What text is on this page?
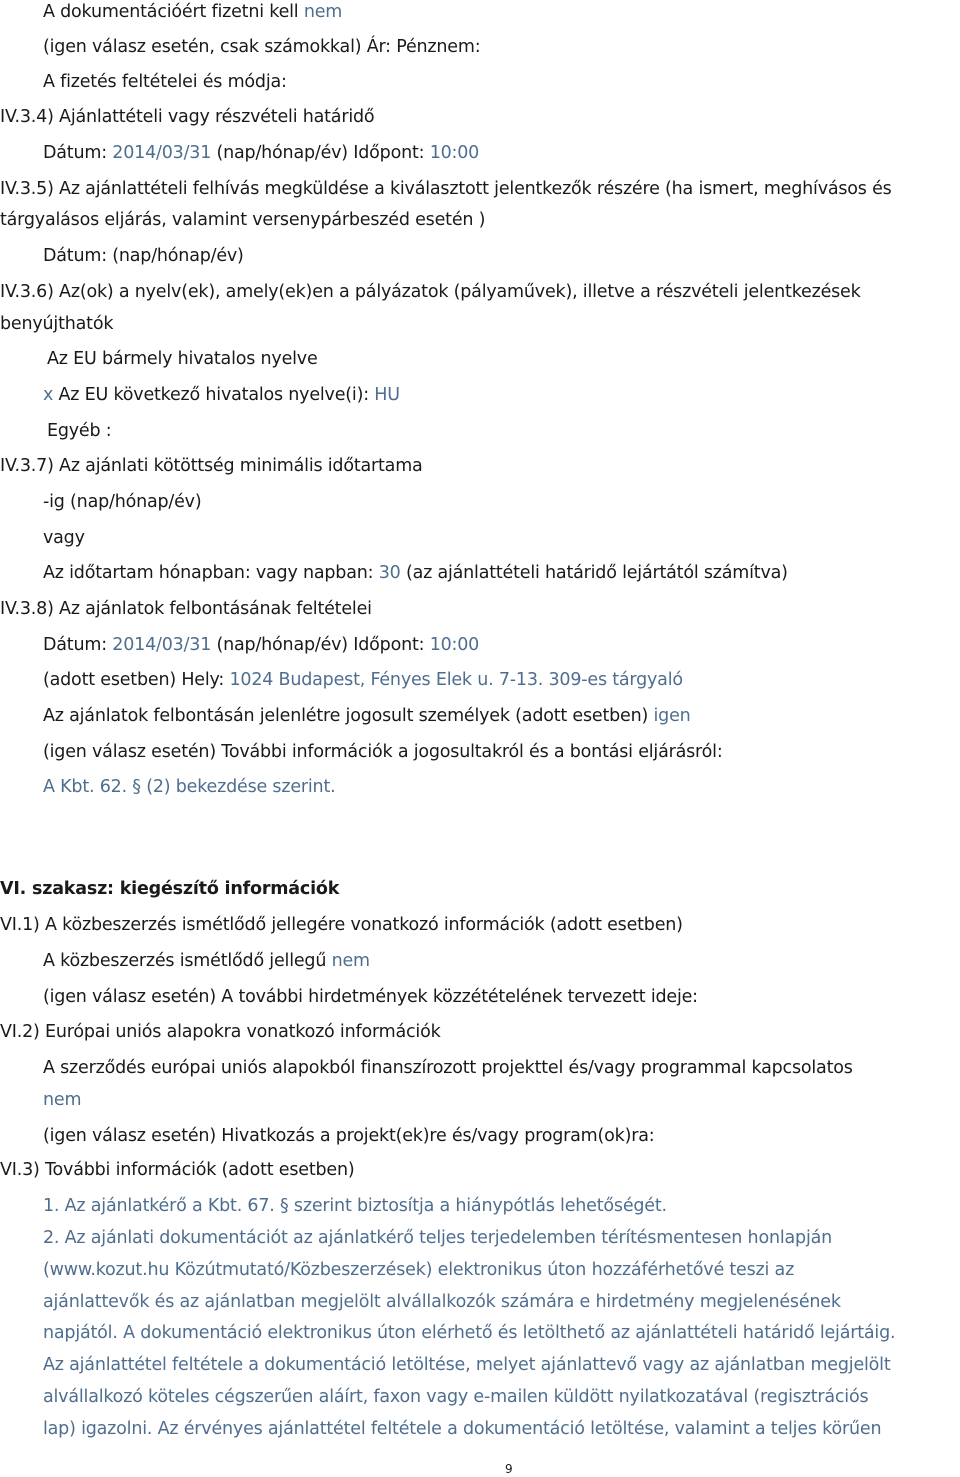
A dokumentációért fizetni kell nem
(igen válasz esetén, csak számokkal) Ár: Pénznem:
A fizetés feltételei és módja:
IV.3.4) Ajánlattételi vagy részvételi határidő
Dátum: 2014/03/31 (nap/hónap/év) Időpont: 10:00
IV.3.5) Az ajánlattételi felhívás megküldése a kiválasztott jelentkezők részére (ha ismert, meghívásos és
tárgyalásos eljárás, valamint versenypárbeszéd esetén )
Dátum: (nap/hónap/év)
IV.3.6) Az(ok) a nyelv(ek), amely(ek)en a pályázatok (pályaművek), illetve a részvételi jelentkezések
benyújthatók
Az EU bármely hivatalos nyelve
x Az EU következő hivatalos nyelve(i): HU
Egyéb :
IV.3.7) Az ajánlati kötöttség minimális időtartama
-ig (nap/hónap/év)
vagy
Az időtartam hónapban: vagy napban: 30 (az ajánlattételi határidő lejártától számítva)
IV.3.8) Az ajánlatok felbontásának feltételei
Dátum: 2014/03/31 (nap/hónap/év) Időpont: 10:00
(adott esetben) Hely: 1024 Budapest, Fényes Elek u. 7-13. 309-es tárgyaló
Az ajánlatok felbontásán jelenlétre jogosult személyek (adott esetben) igen
(igen válasz esetén) További információk a jogosultakról és a bontási eljárásról:
A Kbt. 62. § (2) bekezdése szerint.
VI. szakasz: kiegészítő információk
VI.1) A közbeszerzés ismétlődő jellegére vonatkozó információk (adott esetben)
A közbeszerzés ismétlődő jellegű nem
(igen válasz esetén) A további hirdetmények közzétételének tervezett ideje:
VI.2) Európai uniós alapokra vonatkozó információk
A szerződés európai uniós alapokból finanszírozott projekttel és/vagy programmal kapcsolatos
nem
(igen válasz esetén) Hivatkozás a projekt(ek)re és/vagy program(ok)ra:
VI.3) További információk (adott esetben)
1. Az ajánlatkérő a Kbt. 67. § szerint biztosítja a hiánypótlás lehetőségét.
2. Az ajánlati dokumentációt az ajánlatkérő teljes terjedelemben térítésmentesen honlapján
(www.kozut.hu Közútmutató/Közbeszerzések) elektronikus úton hozzáférhetővé teszi az
ajánlattevők és az ajánlatban megjelölt alvállalkozók számára e hirdetmény megjelenésének
napjától. A dokumentáció elektronikus úton elérhető és letölthető az ajánlattételi határidő lejártáig.
Az ajánlattétel feltétele a dokumentáció letöltése, melyet ajánlattevő vagy az ajánlatban megjelölt
alvállalkozó köteles cégszerűen aláírt, faxon vagy e-mailen küldött nyilatkozatával (regisztrációs
lap) igazolni. Az érvényes ajánlattétel feltétele a dokumentáció letöltése, valamint a teljes körűen
9
